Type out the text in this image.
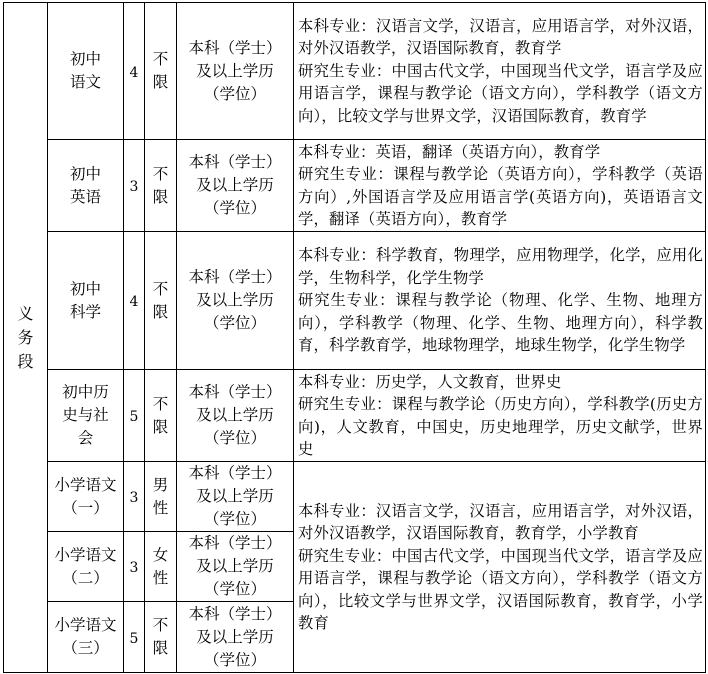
义务段	初中语文	4	不限	本科（学士）及以上学历（学位）	本科专业：汉语言文学，汉语言，应用语言学，对外汉语，对外汉语教学，汉语国际教育，教育学
研究生专业：中国古代文学，中国现当代文学，语言学及应用语言学，课程与教学论（语文方向），学科教学（语文方向），比较文学与世界文学，汉语国际教育，教育学

	初中英语	3	不限	本科（学士）及以上学历（学位）	本科专业：英语，翻译（英语方向），教育学
研究生专业：课程与教学论（英语方向），学科教学（英语方向）,外国语言学及应用语言学(英语方向)，英语语言文学，翻译（英语方向），教育学

	初中科学	4	不限	本科（学士）及以上学历（学位）	本科专业：科学教育，物理学，应用物理学，化学，应用化学，生物科学，化学生物学
研究生专业：课程与教学论（物理、化学、生物、地理方向），学科教学（物理、化学、生物、地理方向），科学教育，科学教育学，地球物理学，地球生物学，化学生物学

	初中历史与社会	5	不限	本科（学士）及以上学历（学位）	本科专业：历史学，人文教育，世界史
研究生专业：课程与教学论（历史方向），学科教学(历史方向)，人文教育，中国史，历史地理学，历史文献学，世界史

	小学语文（一）	3	男性	本科（学士）及以上学历（学位）	本科专业：汉语言文学，汉语言，应用语言学，对外汉语，对外汉语教学，汉语国际教育，教育学，小学教育
研究生专业：中国古代文学，中国现当代文学，语言学及应用语言学，课程与教学论（语文方向），学科教学（语文方向），比较文学与世界文学，汉语国际教育，教育学，小学教育

	小学语文（二）	3	女性	本科（学士）及以上学历（学位）	

	小学语文（三）	5	不限	本科（学士）及以上学历（学位）	
